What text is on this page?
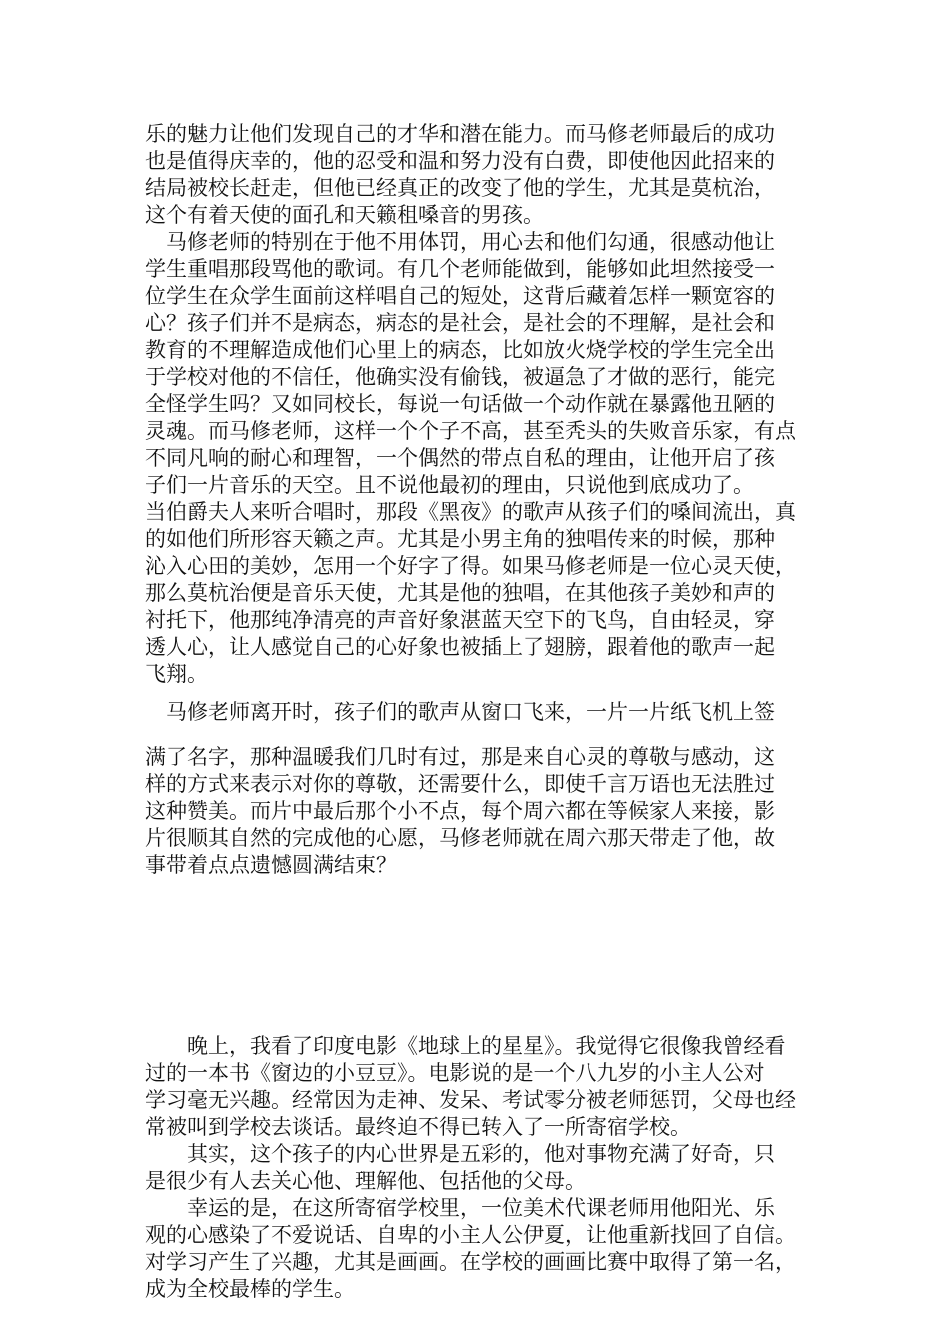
乐的魅力让他们发现自己的才华和潜在能力。而马修老师最后的成功

也是值得庆幸的，他的忍受和温和努力没有白费，即使他因此招来的

结局被校长赶走，但他已经真正的改变了他的学生，尤其是莫杭治，

这个有着天使的面孔和天籁租嗓音的男孩。

马修老师的特别在于他不用体罚，用心去和他们勾通，很感动他让

学生重唱那段骂他的歌词。有几个老师能做到，能够如此坦然接受一

位学生在众学生面前这样唱自己的短处，这背后藏着怎样一颗宽容的

心？孩子们并不是病态，病态的是社会，是社会的不理解，是社会和

教育的不理解造成他们心里上的病态，比如放火烧学校的学生完全出

于学校对他的不信任，他确实没有偷钱，被逼急了才做的恶行，能完

全怪学生吗？又如同校长，每说一句话做一个动作就在暴露他丑陋的

灵魂。而马修老师，这样一个个子不高，甚至秃头的失败音乐家，有点

不同凡响的耐心和理智，一个偶然的带点自私的理由，让他开启了孩

子们一片音乐的天空。且不说他最初的理由，只说他到底成功了。

当伯爵夫人来听合唱时，那段《黑夜》的歌声从孩子们的嗓间流出，真

的如他们所形容天籁之声。尤其是小男主角的独唱传来的时候，那种

沁入心田的美妙，怎用一个好字了得。如果马修老师是一位心灵天使，

那么莫杭治便是音乐天使，尤其是他的独唱，在其他孩子美妙和声的

衬托下，他那纯净清亮的声音好象湛蓝天空下的飞鸟，自由轻灵，穿

透人心，让人感觉自己的心好象也被插上了翅膀，跟着他的歌声一起

飞翔。

马修老师离开时，孩子们的歌声从窗口飞来，一片一片纸飞机上签

满了名字，那种温暖我们几时有过，那是来自心灵的尊敬与感动，这

样的方式来表示对你的尊敬，还需要什么，即使千言万语也无法胜过

这种赞美。而片中最后那个小不点，每个周六都在等候家人来接，影

片很顺其自然的完成他的心愿，马修老师就在周六那天带走了他，故

事带着点点遗憾圆满结束？

晚上，我看了印度电影《地球上的星星》。我觉得它很像我曾经看

过的一本书《窗边的小豆豆》。电影说的是一个八九岁的小主人公对

学习毫无兴趣。经常因为走神、发呆、考试零分被老师惩罚，父母也经

常被叫到学校去谈话。最终迫不得已转入了一所寄宿学校。

其实，这个孩子的内心世界是五彩的，他对事物充满了好奇，只

是很少有人去关心他、理解他、包括他的父母。

幸运的是，在这所寄宿学校里，一位美术代课老师用他阳光、乐

观的心感染了不爱说话、自卑的小主人公伊夏，让他重新找回了自信。

对学习产生了兴趣，尤其是画画。在学校的画画比赛中取得了第一名，

成为全校最棒的学生。
